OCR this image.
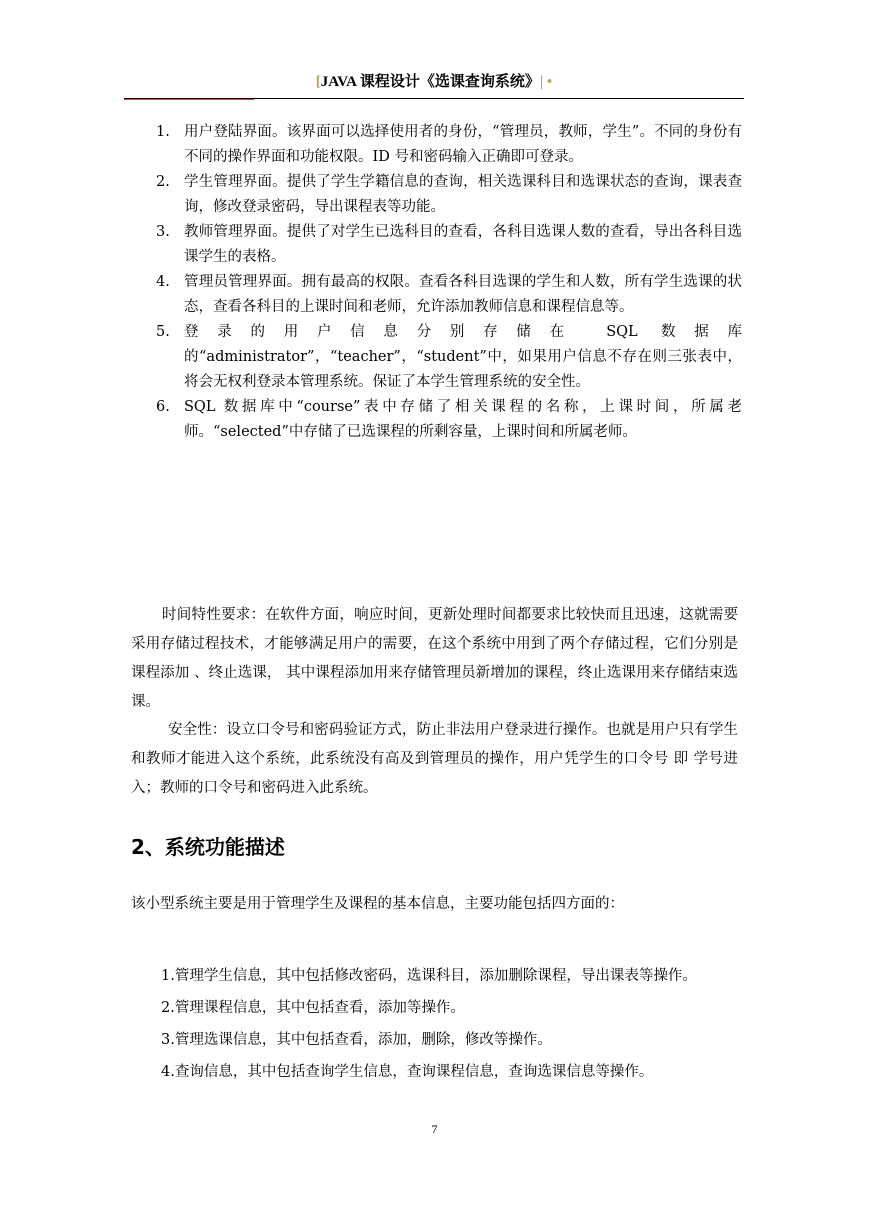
[JAVA 课程设计《选课查询系统》| •
1. 用户登陆界面。该界面可以选择使用者的身份，“管理员，教师，学生”。不同的身份有不同的操作界面和功能权限。ID 号和密码输入正确即可登录。
2. 学生管理界面。提供了学生学籍信息的查询，相关选课科目和选课状态的查询，课表查询，修改登录密码，导出课程表等功能。
3. 教师管理界面。提供了对学生已选科目的查看，各科目选课人数的查看，导出各科目选课学生的表格。
4. 管理员管理界面。拥有最高的权限。查看各科目选课的学生和人数，所有学生选课的状态，查看各科目的上课时间和老师，允许添加教师信息和课程信息等。
5. 登录的用户信息分别存储在 SQL 数据库的“administrator”，“teacher”，“student”中，如果用户信息不存在则三张表中，将会无权利登录本管理系统。保证了本学生管理系统的安全性。
6. SQL 数据库中“course”表中存储了相关课程的名称，上课时间，所属老师。“selected”中存储了已选课程的所剩容量，上课时间和所属老师。
时间特性要求：在软件方面，响应时间，更新处理时间都要求比较快而且迅速，这就需要采用存储过程技术，才能够满足用户的需要，在这个系统中用到了两个存储过程，它们分别是课程添加 、终止选课， 其中课程添加用来存储管理员新增加的课程，终止选课用来存储结束选课。
安全性：设立口令号和密码验证方式，防止非法用户登录进行操作。也就是用户只有学生和教师才能进入这个系统，此系统没有高及到管理员的操作，用户凭学生的口令号 即 学号进入；教师的口令号和密码进入此系统。
2、系统功能描述
该小型系统主要是用于管理学生及课程的基本信息，主要功能包括四方面的：
1.管理学生信息，其中包括修改密码，选课科目，添加删除课程，导出课表等操作。
2.管理课程信息，其中包括查看，添加等操作。
3.管理选课信息，其中包括查看，添加，删除，修改等操作。
4.查询信息，其中包括查询学生信息，查询课程信息，查询选课信息等操作。
7
